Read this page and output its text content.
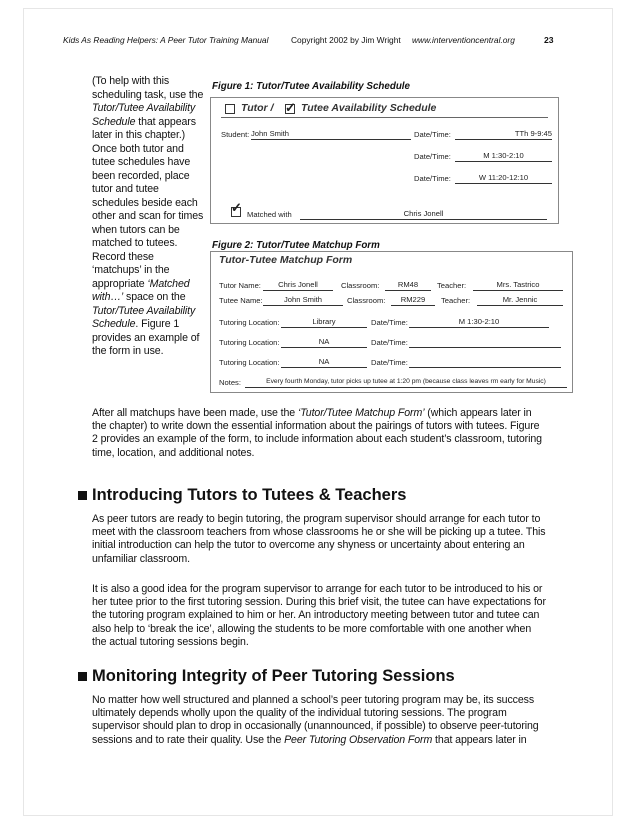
Kids As Reading Helpers: A Peer Tutor Training Manual	Copyright 2002 by Jim Wright www.interventioncentral.org	23
(To help with this scheduling task, use the Tutor/Tutee Availability Schedule that appears later in this chapter.) Once both tutor and tutee schedules have been recorded, place tutor and tutee schedules beside each other and scan for times when tutors can be matched to tutees. Record these ‘matchups’ in the appropriate ‘Matched with…’ space on the Tutor/Tutee Availability Schedule. Figure 1 provides an example of the form in use.
Figure 1: Tutor/Tutee Availability Schedule
Tutor / ✓ Tutee Availability Schedule
Student: John Smith	Date/Time:	TTh 9-9:45
Date/Time:	M 1:30-2:10
Date/Time:	W 11:20-12:10
✓ Matched with	Chris Jonell
Figure 2: Tutor/Tutee Matchup Form
Tutor-Tutee Matchup Form
Tutor Name:	Chris Jonell	Classroom:	RM48	Teacher:	Mrs. Tastrico
Tutee Name:	John Smith	Classroom:	RM229	Teacher:	Mr. Jennic
Tutoring Location:	Library	Date/Time:	M 1:30-2:10
Tutoring Location:	NA	Date/Time:
Tutoring Location:	NA	Date/Time:
Notes:	Every fourth Monday, tutor picks up tutee at 1:20 pm (because class leaves rm early for Music)
After all matchups have been made, use the ‘Tutor/Tutee Matchup Form’ (which appears later in the chapter) to write down the essential information about the pairings of tutors with tutees. Figure 2 provides an example of the form, to include information about each student’s classroom, tutoring time, location, and additional notes.
Introducing Tutors to Tutees & Teachers
As peer tutors are ready to begin tutoring, the program supervisor should arrange for each tutor to meet with the classroom teachers from whose classrooms he or she will be picking up a tutee. This initial introduction can help the tutor to overcome any shyness or uncertainty about entering an unfamiliar classroom.
It is also a good idea for the program supervisor to arrange for each tutor to be introduced to his or her tutee prior to the first tutoring session. During this brief visit, the tutee can have expectations for the tutoring program explained to him or her. An introductory meeting between tutor and tutee can also help to ‘break the ice’, allowing the students to be more comfortable with one another when the actual tutoring sessions begin.
Monitoring Integrity of Peer Tutoring Sessions
No matter how well structured and planned a school’s peer tutoring program may be, its success ultimately depends wholly upon the quality of the individual tutoring sessions. The program supervisor should plan to drop in occasionally (unannounced, if possible) to observe peer-tutoring sessions and to rate their quality. Use the Peer Tutoring Observation Form that appears later in
